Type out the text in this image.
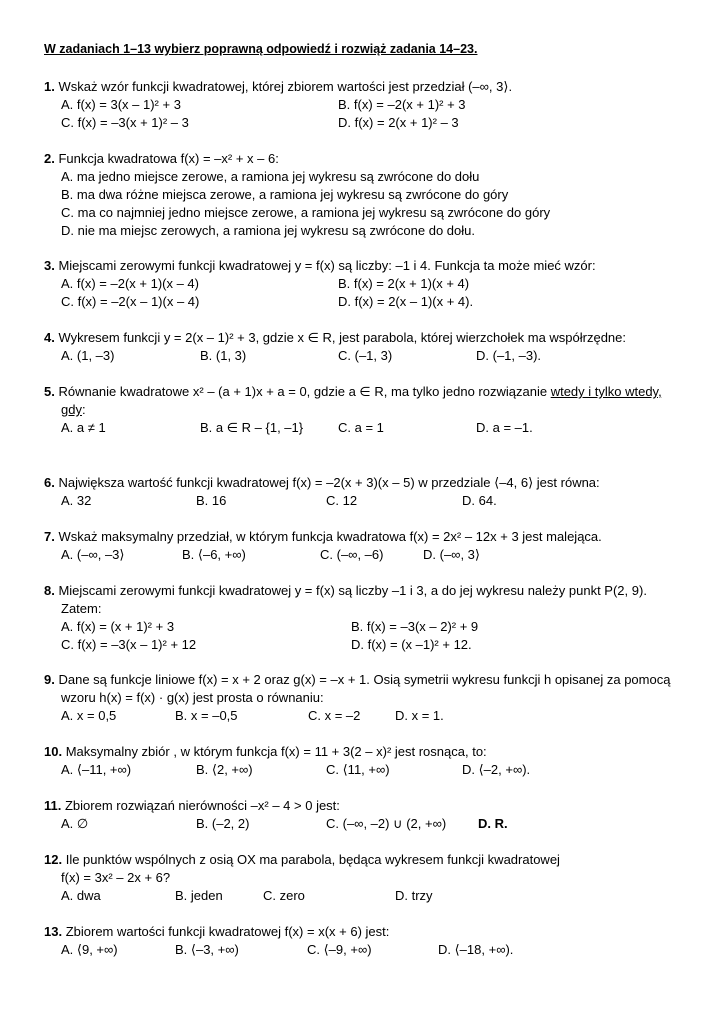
W zadaniach 1–13 wybierz poprawną odpowiedź i rozwiąż zadania 14–23.
1. Wskaż wzór funkcji kwadratowej, której zbiorem wartości jest przedział (–∞, 3⟩.
A. f(x) = 3(x – 1)² + 3	B. f(x) = –2(x + 1)² + 3
C. f(x) = –3(x + 1)² – 3	D. f(x) = 2(x + 1)² – 3
2. Funkcja kwadratowa f(x) = –x² + x – 6:
A. ma jedno miejsce zerowe, a ramiona jej wykresu są zwrócone do dołu
B. ma dwa różne miejsca zerowe, a ramiona jej wykresu są zwrócone do góry
C. ma co najmniej jedno miejsce zerowe, a ramiona jej wykresu są zwrócone do góry
D. nie ma miejsc zerowych, a ramiona jej wykresu są zwrócone do dołu.
3. Miejscami zerowymi funkcji kwadratowej y = f(x) są liczby: –1 i 4. Funkcja ta może mieć wzór:
A. f(x) = –2(x + 1)(x – 4)	B. f(x) = 2(x + 1)(x + 4)
C. f(x) = –2(x – 1)(x – 4)	D. f(x) = 2(x – 1)(x + 4).
4. Wykresem funkcji y = 2(x – 1)² + 3, gdzie x ∈ R, jest parabola, której wierzchołek ma współrzędne:
A. (1, –3)	B. (1, 3)	C. (–1, 3)	D. (–1, –3).
5. Równanie kwadratowe x² – (a + 1)x + a = 0, gdzie a ∈ R, ma tylko jedno rozwiązanie wtedy i tylko wtedy,
gdy:
A. a ≠ 1	B. a ∈ R – {1, –1}	C. a = 1	D. a = –1.
6. Największa wartość funkcji kwadratowej f(x) = –2(x + 3)(x – 5) w przedziale ⟨–4, 6⟩ jest równa:
A. 32	B. 16	C. 12	D. 64.
7. Wskaż maksymalny przedział, w którym funkcja kwadratowa f(x) = 2x² – 12x + 3 jest malejąca.
A. (–∞, –3⟩	B. ⟨–6, +∞)	C. (–∞, –6)	D. (–∞, 3⟩
8. Miejscami zerowymi funkcji kwadratowej y = f(x) są liczby –1 i 3, a do jej wykresu należy punkt P(2, 9).
Zatem:
A. f(x) = (x + 1)² + 3	B. f(x) = –3(x – 2)² + 9
C. f(x) = –3(x – 1)² + 12	D. f(x) = (x –1)² + 12.
9. Dane są funkcje liniowe f(x) = x + 2 oraz g(x) = –x + 1. Osią symetrii wykresu funkcji h opisanej za pomocą
wzoru h(x) = f(x) · g(x) jest prosta o równaniu:
A. x = 0,5	B. x = –0,5	C. x = –2	D. x = 1.
10. Maksymalny zbiór , w którym funkcja f(x) = 11 + 3(2 – x)² jest rosnąca, to:
A. ⟨–11, +∞)	B. ⟨2, +∞)	C. ⟨11, +∞)	D. ⟨–2, +∞).
11. Zbiorem rozwiązań nierówności –x² – 4 > 0 jest:
A. ∅	B. (–2, 2)	C. (–∞, –2) ∪ (2, +∞) D. R.
12. Ile punktów wspólnych z osią OX ma parabola, będąca wykresem funkcji kwadratowej
f(x) = 3x² – 2x + 6?
A. dwa	B. jeden	C. zero	D. trzy
13. Zbiorem wartości funkcji kwadratowej f(x) = x(x + 6) jest:
A. ⟨9, +∞)	B. ⟨–3, +∞)	C. ⟨–9, +∞)	D. ⟨–18, +∞).
